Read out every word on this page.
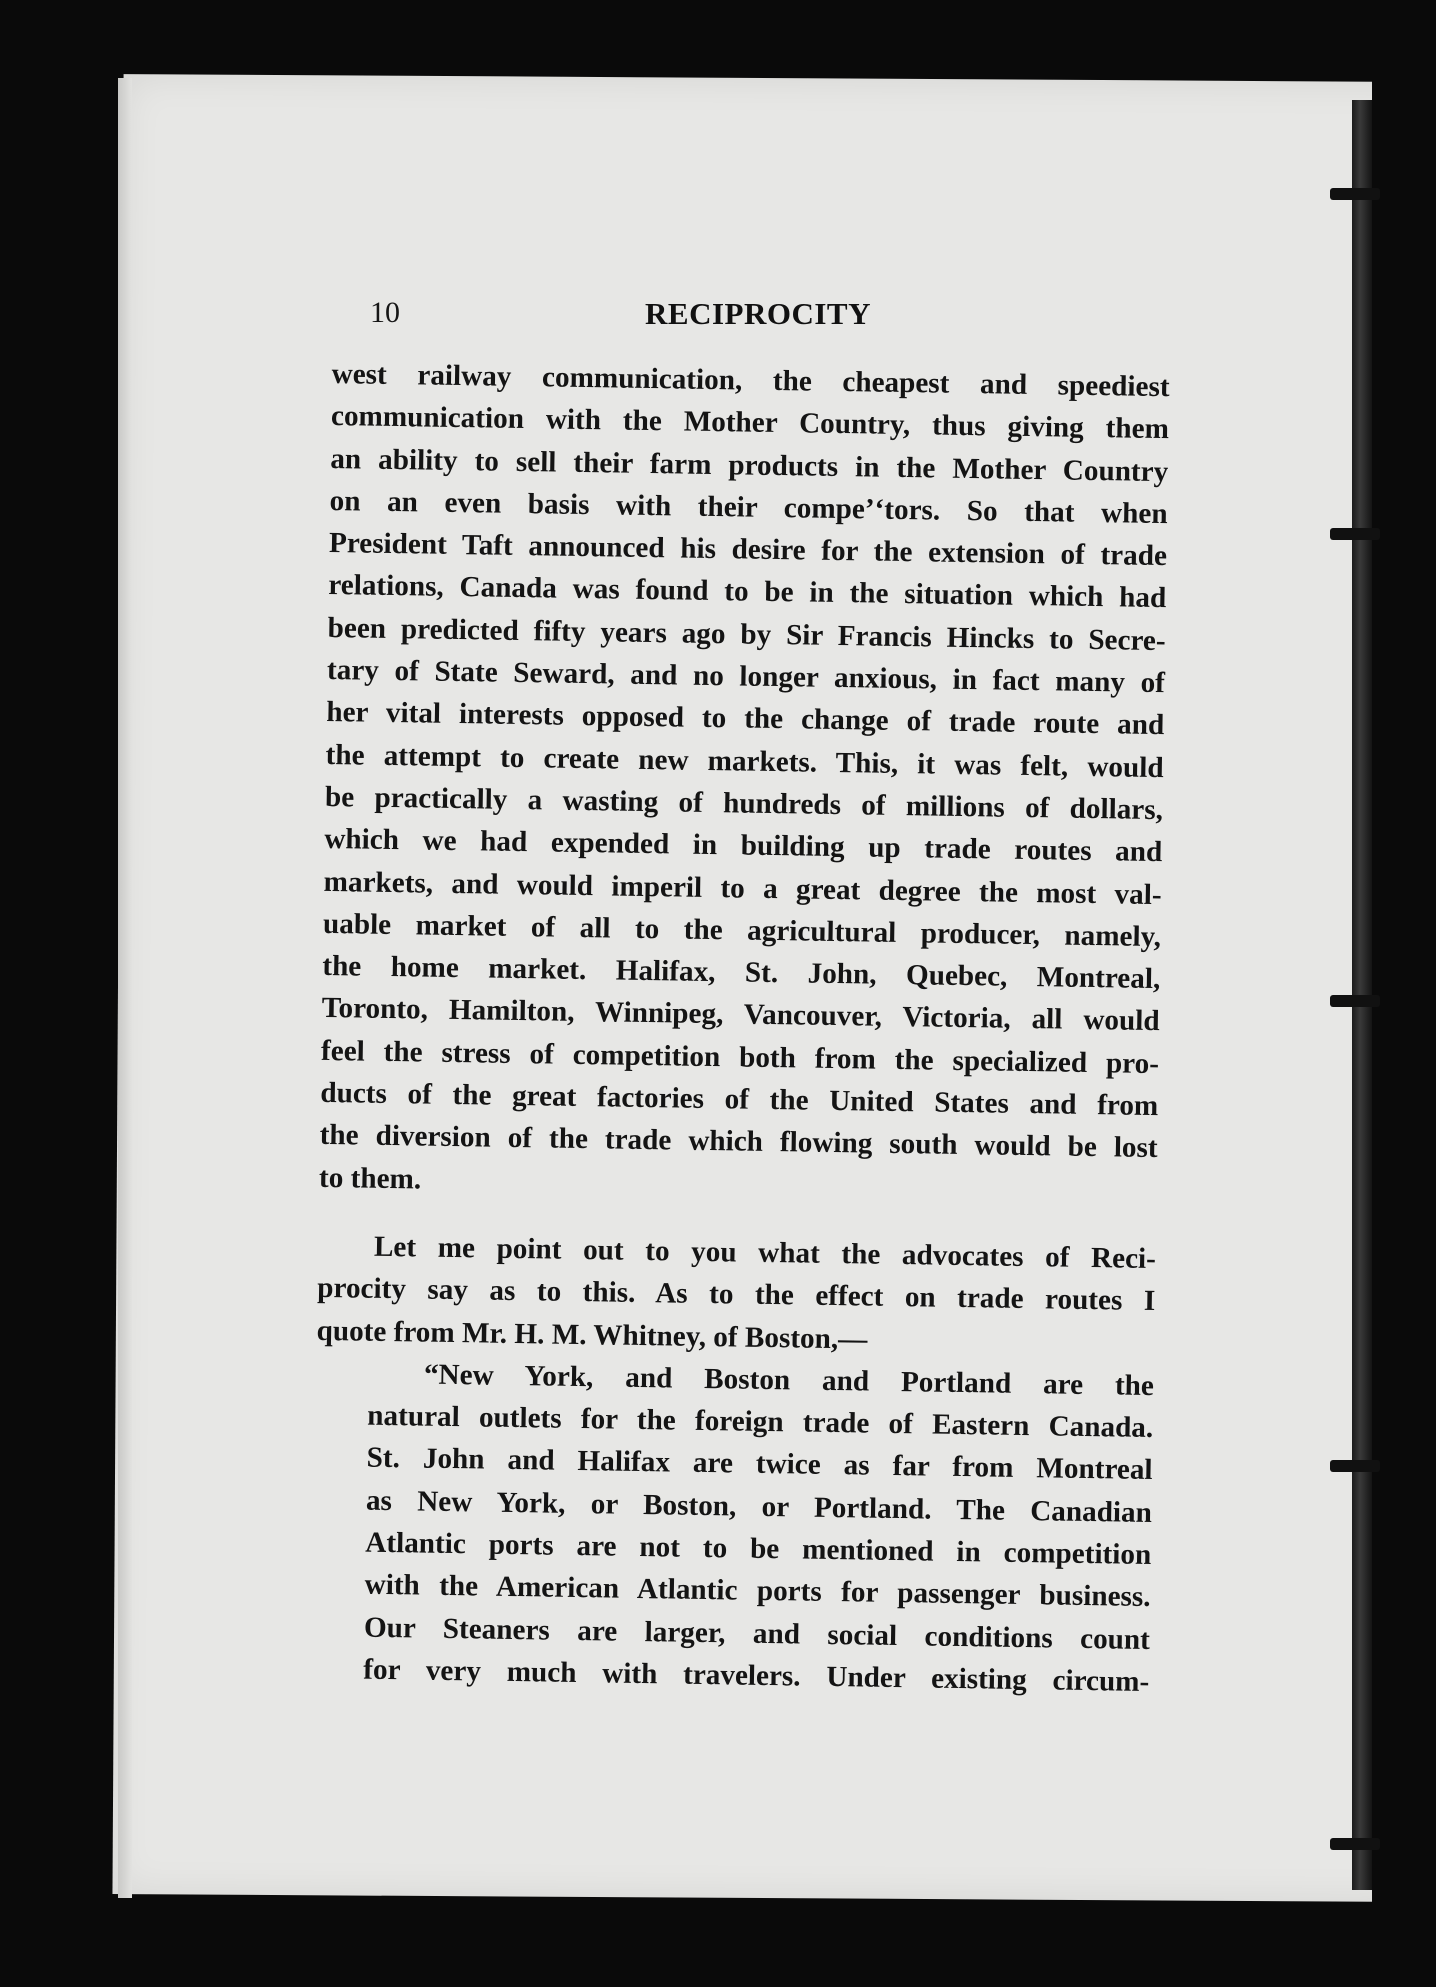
10	RECIPROCITY

west railway communication, the cheapest and speediest
communication with the Mother Country, thus giving them
an ability to sell their farm products in the Mother Country
on an even basis with their compe’‘tors. So that when
President Taft announced his desire for the extension of trade
relations, Canada was found to be in the situation which had
been predicted fifty years ago by Sir Francis Hincks to Secre-
tary of State Seward, and no longer anxious, in fact many of
her vital interests opposed to the change of trade route and
the attempt to create new markets. This, it was felt, would
be practically a wasting of hundreds of millions of dollars,
which we had expended in building up trade routes and
markets, and would imperil to a great degree the most val-
uable market of all to the agricultural producer, namely,
the home market. Halifax, St. John, Quebec, Montreal,
Toronto, Hamilton, Winnipeg, Vancouver, Victoria, all would
feel the stress of competition both from the specialized pro-
ducts of the great factories of the United States and from
the diversion of the trade which flowing south would be lost
to them.

Let me point out to you what the advocates of Reci-
procity say as to this. As to the effect on trade routes I
quote from Mr. H. M. Whitney, of Boston,—

“New York, and Boston and Portland are the
natural outlets for the foreign trade of Eastern Canada.
St. John and Halifax are twice as far from Montreal
as New York, or Boston, or Portland. The Canadian
Atlantic ports are not to be mentioned in competition
with the American Atlantic ports for passenger business.
Our Steaners are larger, and social conditions count
for very much with travelers. Under existing circum-
